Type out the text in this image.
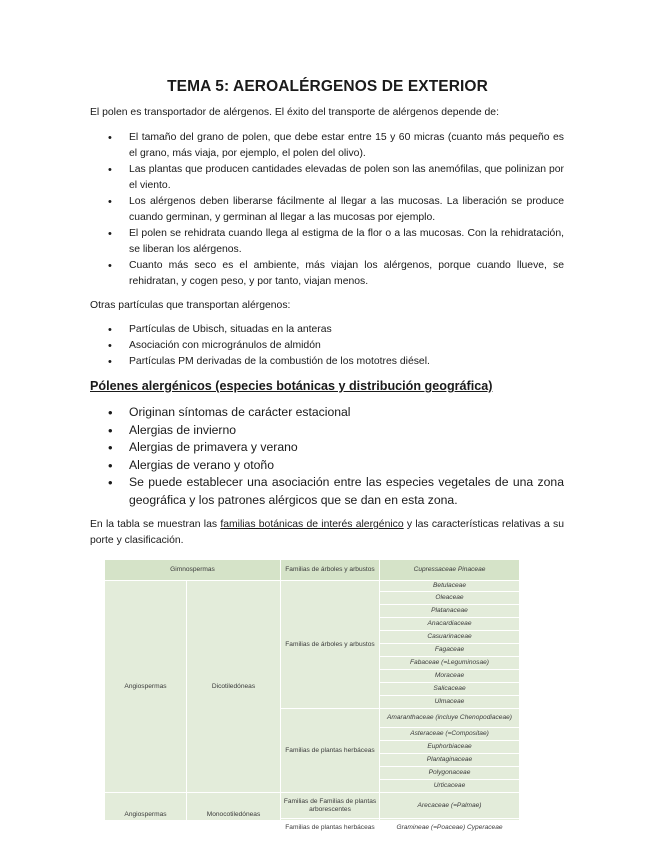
TEMA 5: AEROALÉRGENOS DE EXTERIOR

El polen es transportador de alérgenos. El éxito del transporte de alérgenos depende de:

• El tamaño del grano de polen, que debe estar entre 15 y 60 micras (cuanto más pequeño es el grano, más viaja, por ejemplo, el polen del olivo).
• Las plantas que producen cantidades elevadas de polen son las anemófilas, que polinizan por el viento.
• Los alérgenos deben liberarse fácilmente al llegar a las mucosas. La liberación se produce cuando germinan, y germinan al llegar a las mucosas por ejemplo.
• El polen se rehidrata cuando llega al estigma de la flor o a las mucosas. Con la rehidratación, se liberan los alérgenos.
• Cuanto más seco es el ambiente, más viajan los alérgenos, porque cuando llueve, se rehidratan, y cogen peso, y por tanto, viajan menos.

Otras partículas que transportan alérgenos:

• Partículas de Ubisch, situadas en la anteras
• Asociación con microgránulos de almidón
• Partículas PM derivadas de la combustión de los mototres diésel.

Pólenes alergénicos (especies botánicas y distribución geográfica)

• Originan síntomas de carácter estacional
• Alergias de invierno
• Alergias de primavera y verano
• Alergias de verano y otoño
• Se puede establecer una asociación entre las especies vegetales de una zona geográfica y los patrones alérgicos que se dan en esta zona.

En la tabla se muestran las familias botánicas de interés alergénico y las características relativas a su porte y clasificación.

Gimnospermas		Familias de árboles y arbustos	Cupressaceae Pinaceae
Angiospermas	Dicotiledóneas	Familias de árboles y arbustos	Betulaceae
			Oleaceae
			Platanaceae
			Anacardiaceae
			Casuarinaceae
			Fagaceae
			Fabaceae (=Leguminosae)
			Moraceae
			Salicaceae
			Ulmaceae
		Familias de plantas herbáceas	Amaranthaceae (incluye Chenopodiaceae)
			Asteraceae (=Compositae)
			Euphorbiaceae
			Plantaginaceae
			Polygonaceae
			Urticaceae
Angiospermas	Monocotiledóneas	Familias de Familias de plantas arborescentes	Arecaceae (=Palmae)
		Familias de plantas herbáceas	Gramineae (=Poaceae) Cyperaceae
